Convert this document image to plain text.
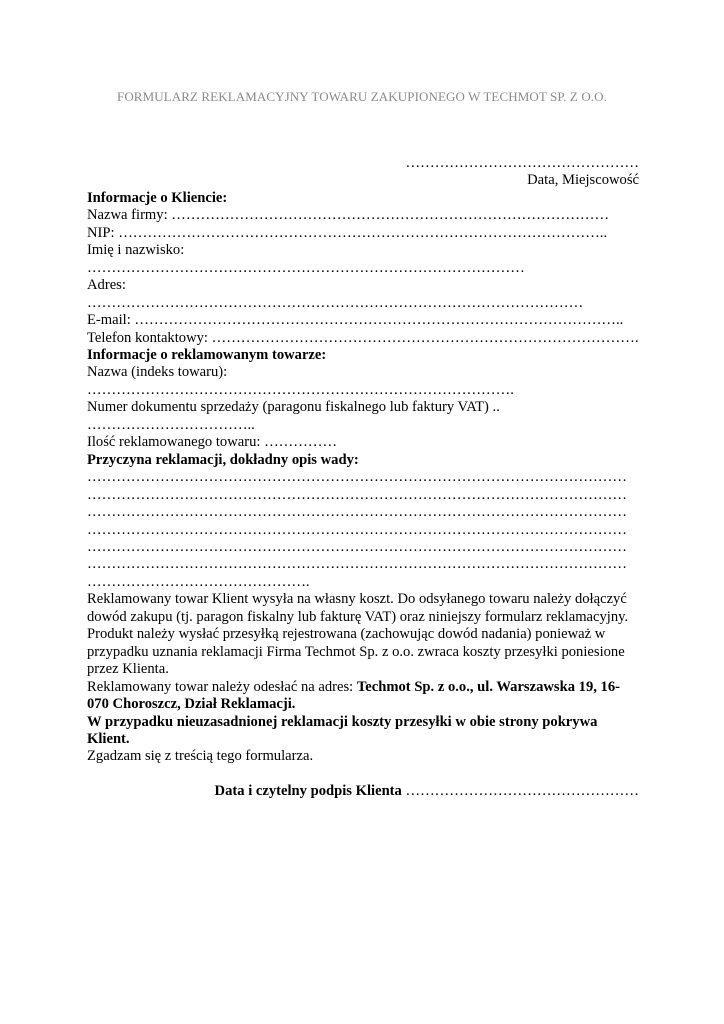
FORMULARZ REKLAMACYJNY TOWARU ZAKUPIONEGO W TECHMOT SP. Z O.O.
…………………………………………
Data, Miejscowość
Informacje o Kliencie:
Nazwa firmy: ………………………………………………………………………………
NIP: ………………………………………………………………………………………..
Imię i nazwisko:
………………………………………………………………………………
Adres:
…………………………………………………………………………………………
E-mail: ………………………………………………………………………………………..
Telefon kontaktowy: …………………………………………………………………………….
Informacje o reklamowanym towarze:
Nazwa (indeks towaru):
…………………………………………………………………………….
Numer dokumentu sprzedaży (paragonu fiskalnego lub faktury VAT) ..
……………………………..
Ilość reklamowanego towaru: ……………
Przyczyna reklamacji, dokładny opis wady:
…………………………………………………………………………………………………
…………………………………………………………………………………………………
…………………………………………………………………………………………………
…………………………………………………………………………………………………
…………………………………………………………………………………………………
…………………………………………………………………………………………………
……………………………………….
Reklamowany towar Klient wysyła na własny koszt. Do odsyłanego towaru należy dołączyć dowód zakupu (tj. paragon fiskalny lub fakturę VAT) oraz niniejszy formularz reklamacyjny.
Produkt należy wysłać przesyłką rejestrowana (zachowując dowód nadania) ponieważ w przypadku uznania reklamacji Firma Techmot Sp. z o.o. zwraca koszty przesyłki poniesione przez Klienta.
Reklamowany towar należy odesłać na adres: Techmot Sp. z o.o., ul. Warszawska 19, 16-070 Choroszcz, Dział Reklamacji.
W przypadku nieuzasadnionej reklamacji koszty przesyłki w obie strony pokrywa Klient.
Zgadzam się z treścią tego formularza.
Data i czytelny podpis Klienta …………………………………………
